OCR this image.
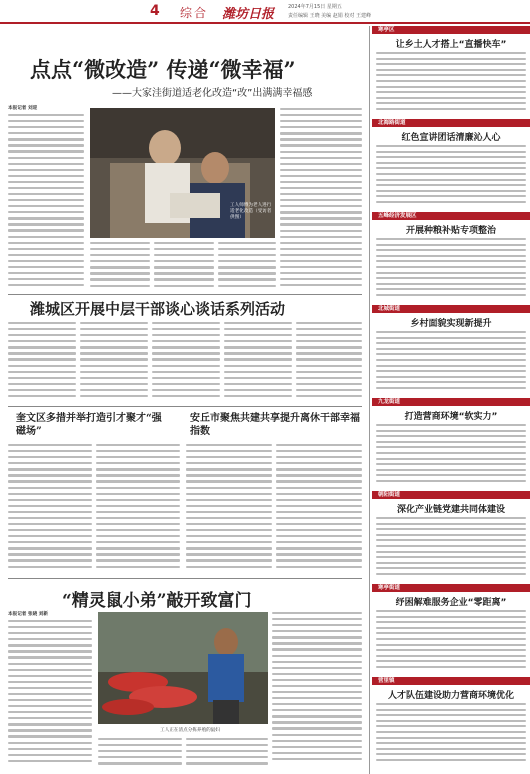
4 综合 潍坊日报	2024年7月15日 星期五
责任编辑 王晓 美编 赵娟 校对 王建峰
点点“微改造” 传递“微幸福”
——大家洼街道适老化改造“改”出满满幸福感
本报记者 刘迎
工人师傅为老人进行适老化改造（受访者供图）
潍城区开展中层干部谈心谈话系列活动
奎文区多措并举打造引才聚才“强磁场”
安丘市聚焦共建共享提升离休干部幸福指数
“精灵鼠小弟”敲开致富门
本报记者 张晓 刘新
工人正在清点分拣养殖的鼠妇
寒亭区
让乡土人才搭上“直播快车”
北海路街道
红色宣讲团话清廉沁人心
五峰经济发展区
开展种粮补贴专项整治
北城街道
乡村面貌实现新提升
九龙街道
打造营商环境“软实力”
朝阳街道
深化产业链党建共同体建设
寒亭街道
纾困解难服务企业“零距离”
营里镇
人才队伍建设助力营商环境优化
